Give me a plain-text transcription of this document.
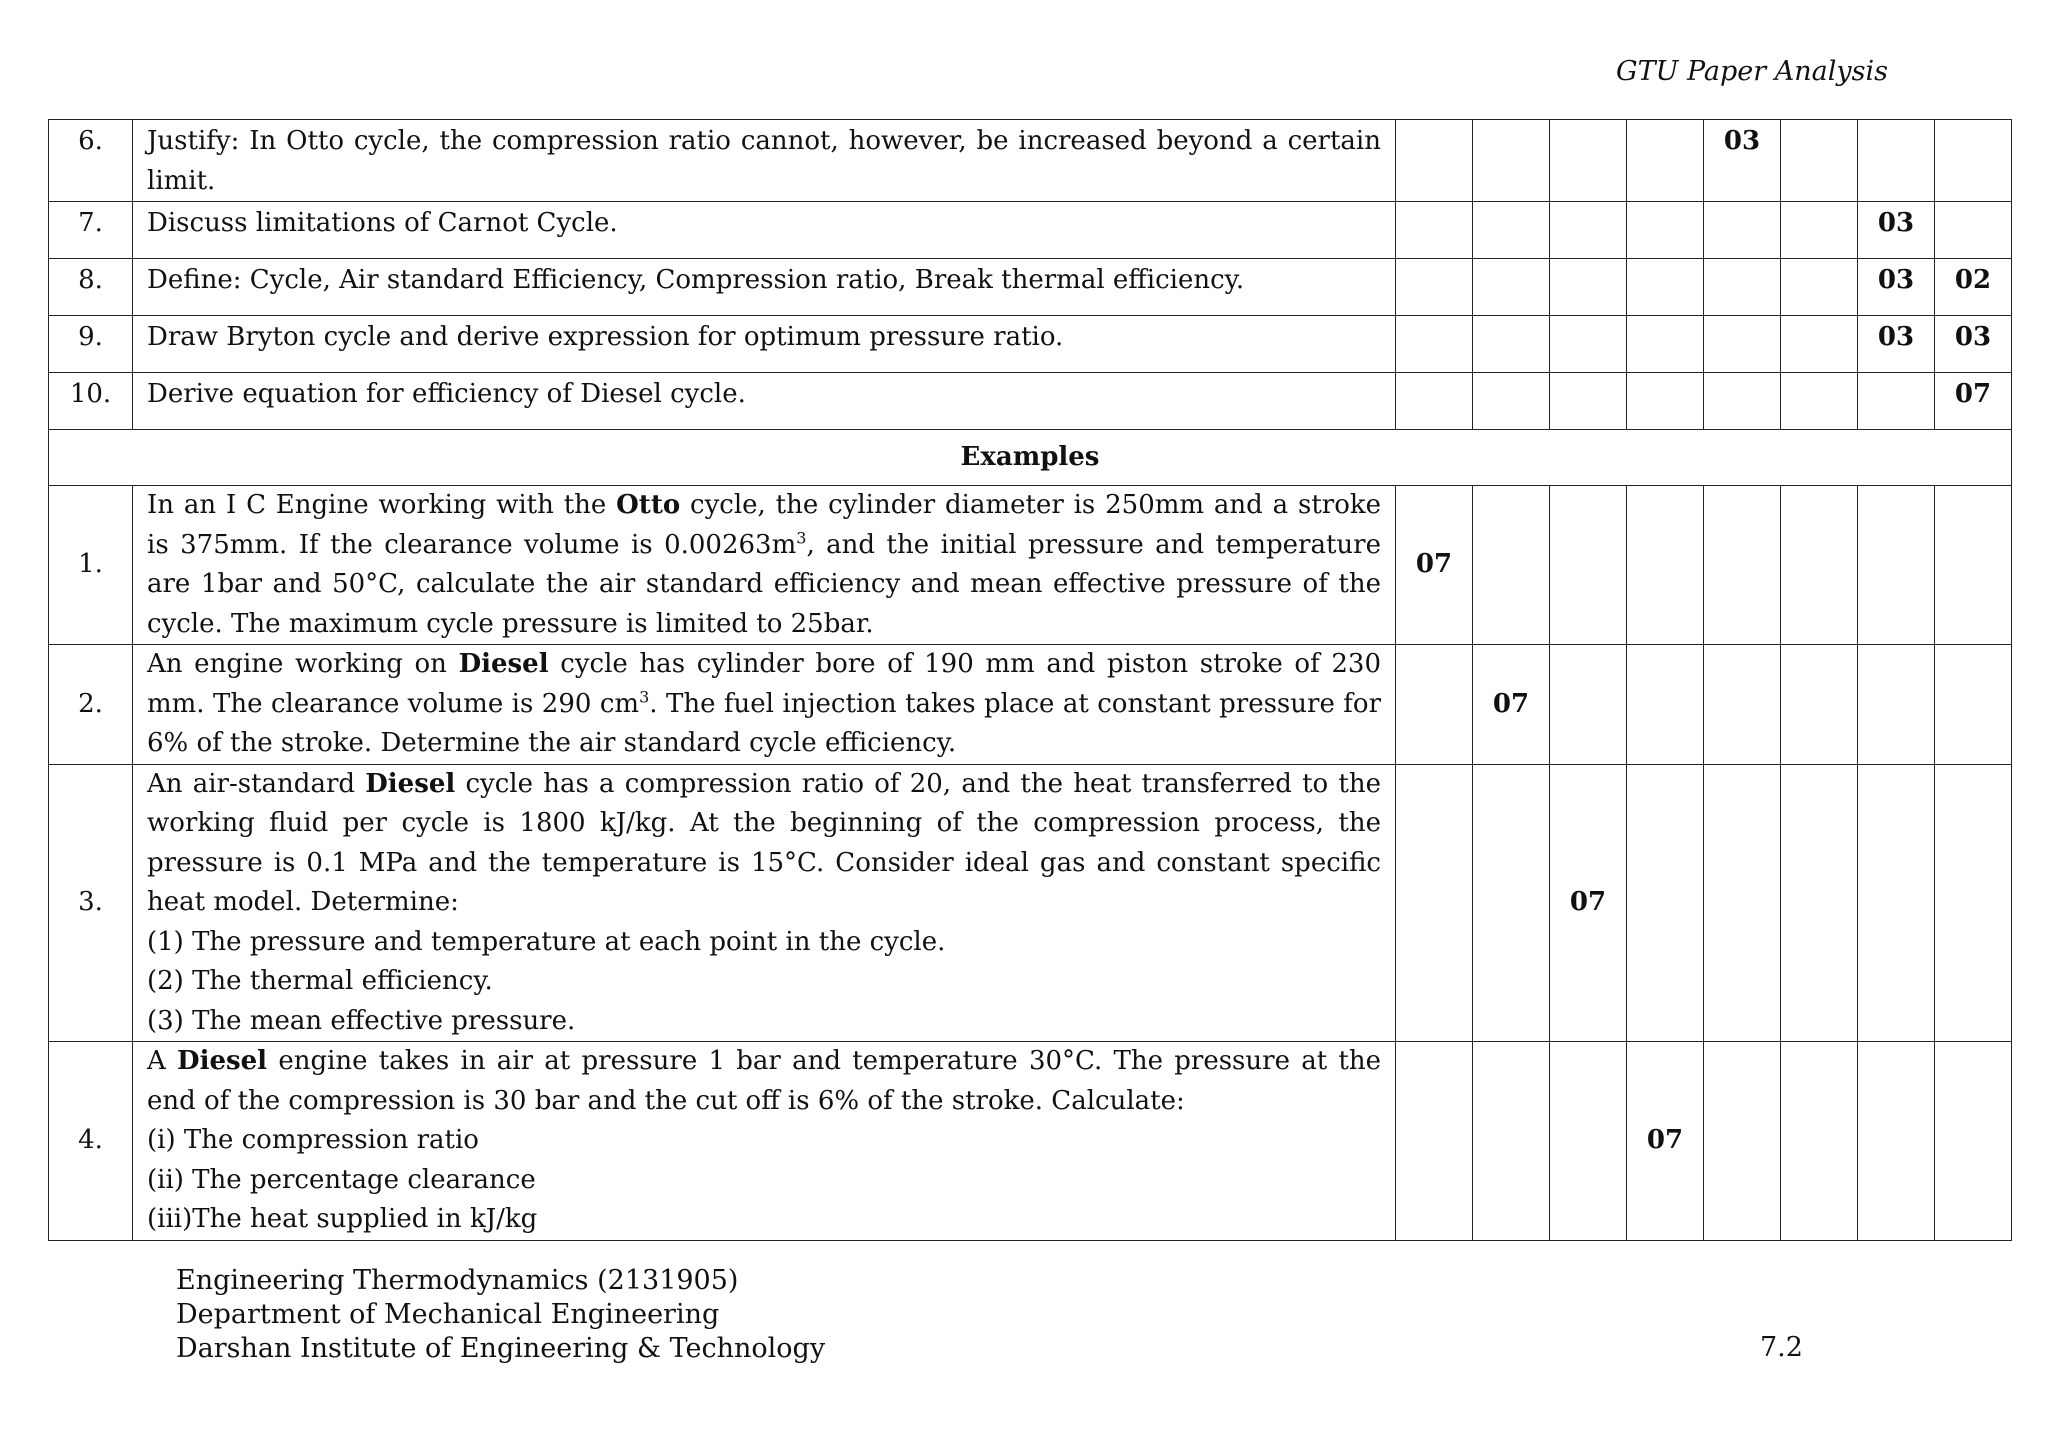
GTU Paper Analysis
6.	Justify: In Otto cycle, the compression ratio cannot, however, be increased beyond a certain limit.					03			
7.	Discuss limitations of Carnot Cycle.							03	
8.	Define: Cycle, Air standard Efficiency, Compression ratio, Break thermal efficiency.							03	02
9.	Draw Bryton cycle and derive expression for optimum pressure ratio.							03	03
10.	Derive equation for efficiency of Diesel cycle.								07
Examples									
1.	In an I C Engine working with the Otto cycle, the cylinder diameter is 250mm and a stroke is 375mm. If the clearance volume is $0.00263m^3$, and the initial pressure and temperature are 1bar and 50°C, calculate the air standard efficiency and mean effective pressure of the cycle. The maximum cycle pressure is limited to 25bar.	07							
2.	An engine working on Diesel cycle has cylinder bore of 190 mm and piston stroke of 230 mm. The clearance volume is 290 $cm^3$. The fuel injection takes place at constant pressure for 6% of the stroke. Determine the air standard cycle efficiency.		07						
3.	An air-standard Diesel cycle has a compression ratio of 20, and the heat transferred to the working fluid per cycle is 1800 kJ/kg. At the beginning of the compression process, the pressure is 0.1 MPa and the temperature is 15°C. Consider ideal gas and constant specific heat model. Determine:
(1) The pressure and temperature at each point in the cycle.
(2) The thermal efficiency.
(3) The mean effective pressure.			07					
4.	A Diesel engine takes in air at pressure 1 bar and temperature 30°C. The pressure at the end of the compression is 30 bar and the cut off is 6% of the stroke. Calculate:
(i) The compression ratio
(ii) The percentage clearance
(iii)The heat supplied in kJ/kg				07				
Engineering Thermodynamics (2131905)
Department of Mechanical Engineering
Darshan Institute of Engineering & Technology	7.2
